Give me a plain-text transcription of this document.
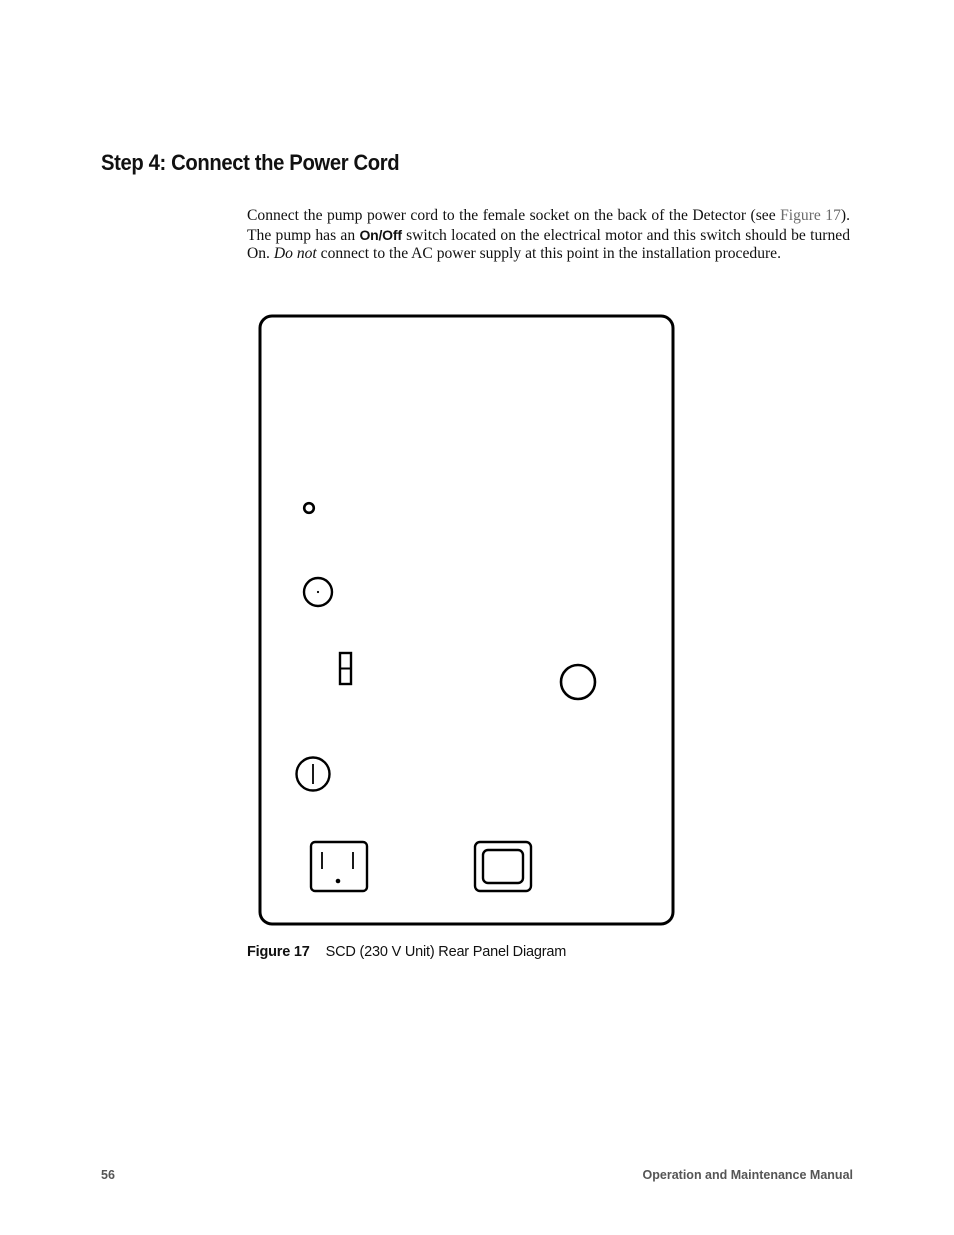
Step 4: Connect the Power Cord

Connect the pump power cord to the female socket on the back of the Detector (see Figure 17). The pump has an On/Off switch located on the electrical motor and this switch should be turned On. Do not connect to the AC power supply at this point in the installation procedure.

Figure 17 SCD (230 V Unit) Rear Panel Diagram

56	Operation and Maintenance Manual
